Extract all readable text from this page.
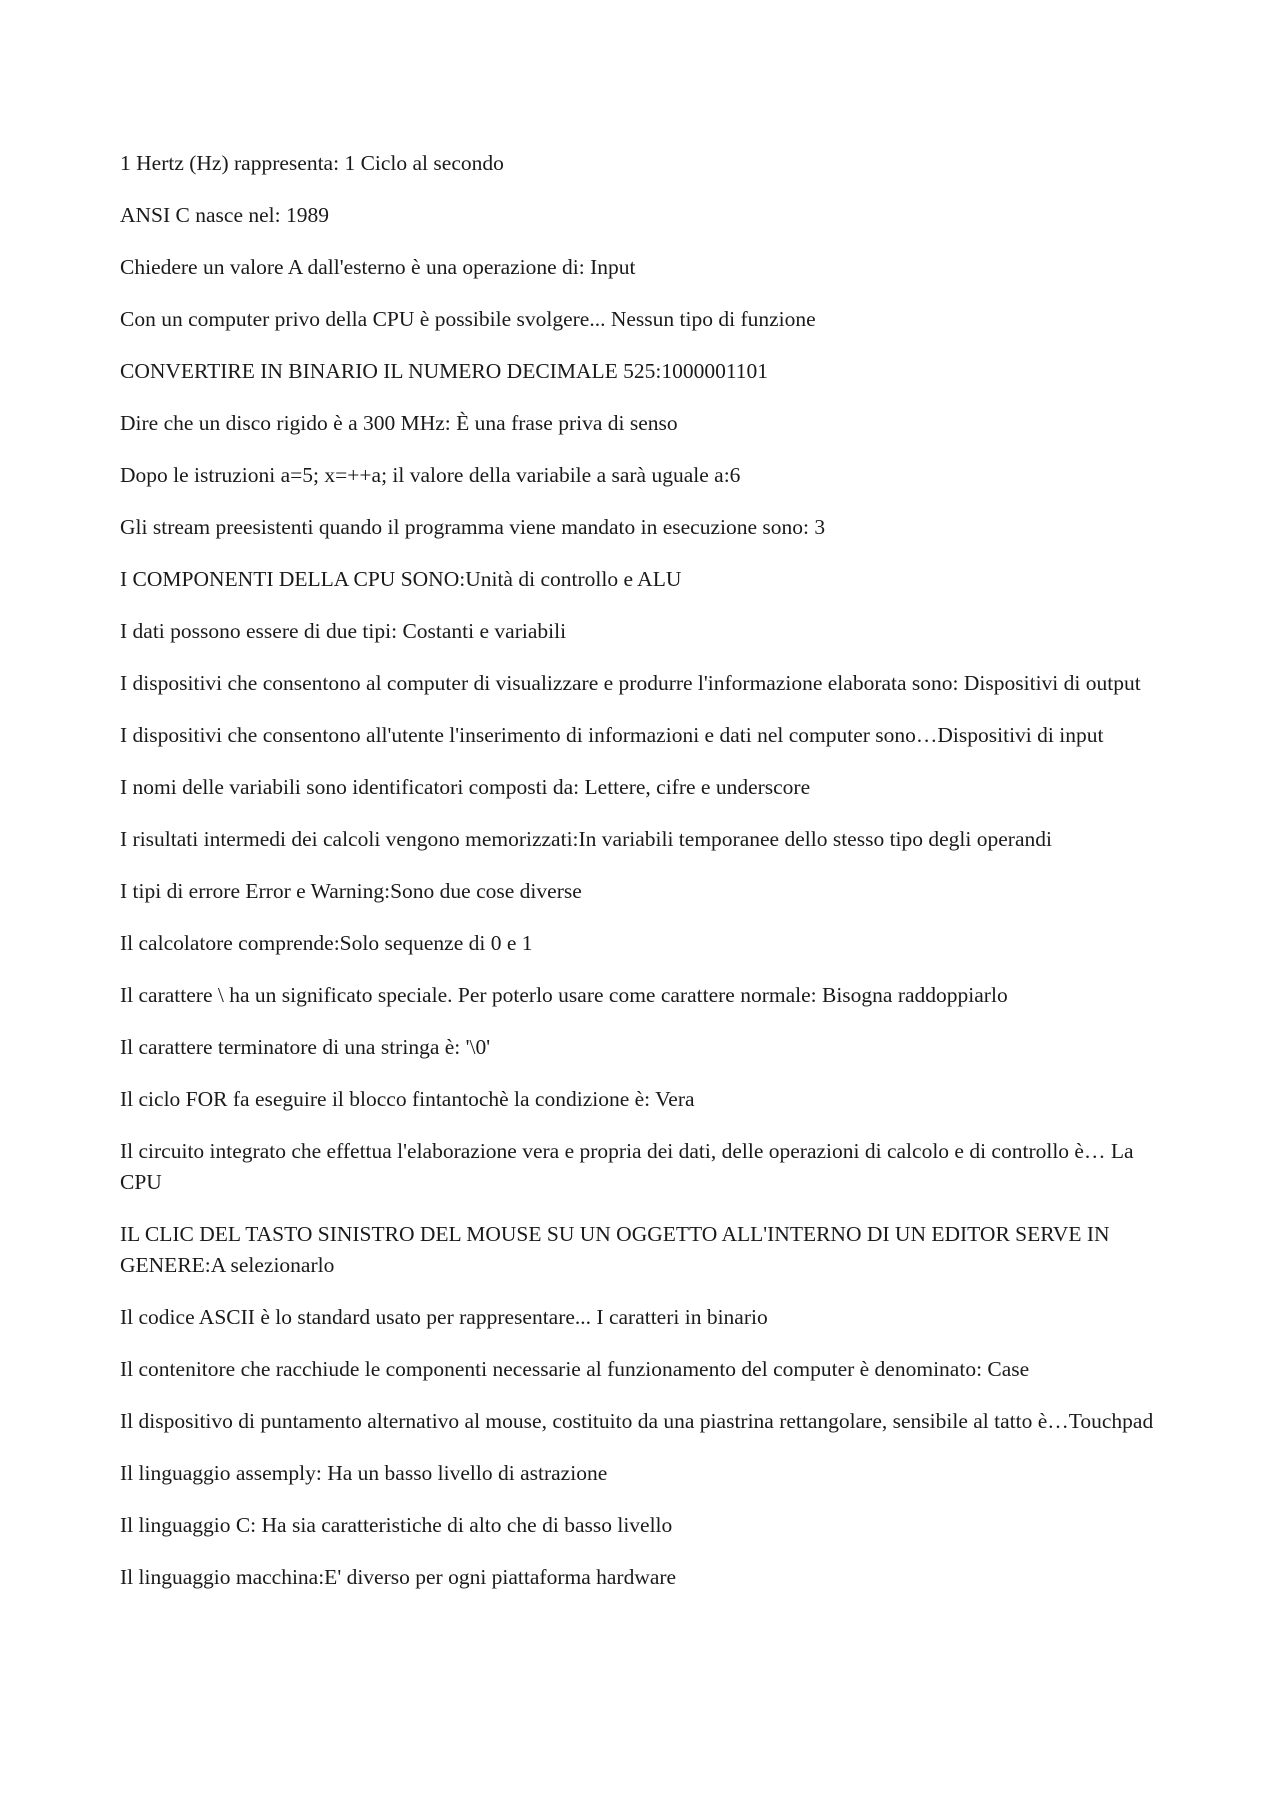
1 Hertz (Hz) rappresenta: 1 Ciclo al secondo

ANSI C nasce nel: 1989

Chiedere un valore A dall'esterno è una operazione di: Input

Con un computer privo della CPU è possibile svolgere... Nessun tipo di funzione

CONVERTIRE IN BINARIO IL NUMERO DECIMALE 525:1000001101

Dire che un disco rigido è a 300 MHz: È una frase priva di senso

Dopo le istruzioni a=5; x=++a; il valore della variabile a sarà uguale a:6

Gli stream preesistenti quando il programma viene mandato in esecuzione sono: 3

I COMPONENTI DELLA CPU SONO:Unità di controllo e ALU

I dati possono essere di due tipi: Costanti e variabili

I dispositivi che consentono al computer di visualizzare e produrre l'informazione elaborata sono: Dispositivi di output

I dispositivi che consentono all'utente l'inserimento di informazioni e dati nel computer sono…Dispositivi di input

I nomi delle variabili sono identificatori composti da: Lettere, cifre e underscore

I risultati intermedi dei calcoli vengono memorizzati:In variabili temporanee dello stesso tipo degli operandi

I tipi di errore Error e Warning:Sono due cose diverse

Il calcolatore comprende:Solo sequenze di 0 e 1

Il carattere \ ha un significato speciale. Per poterlo usare come carattere normale: Bisogna raddoppiarlo

Il carattere terminatore di una stringa è: '\0'

Il ciclo FOR fa eseguire il blocco fintantochè la condizione è: Vera

Il circuito integrato che effettua l'elaborazione vera e propria dei dati, delle operazioni di calcolo e di controllo è… La CPU

IL CLIC DEL TASTO SINISTRO DEL MOUSE SU UN OGGETTO ALL'INTERNO DI UN EDITOR SERVE IN GENERE:A selezionarlo

Il codice ASCII è lo standard usato per rappresentare... I caratteri in binario

Il contenitore che racchiude le componenti necessarie al funzionamento del computer è denominato: Case

Il dispositivo di puntamento alternativo al mouse, costituito da una piastrina rettangolare, sensibile al tatto è…Touchpad

Il linguaggio assemply: Ha un basso livello di astrazione

Il linguaggio C: Ha sia caratteristiche di alto che di basso livello

Il linguaggio macchina:E' diverso per ogni piattaforma hardware
